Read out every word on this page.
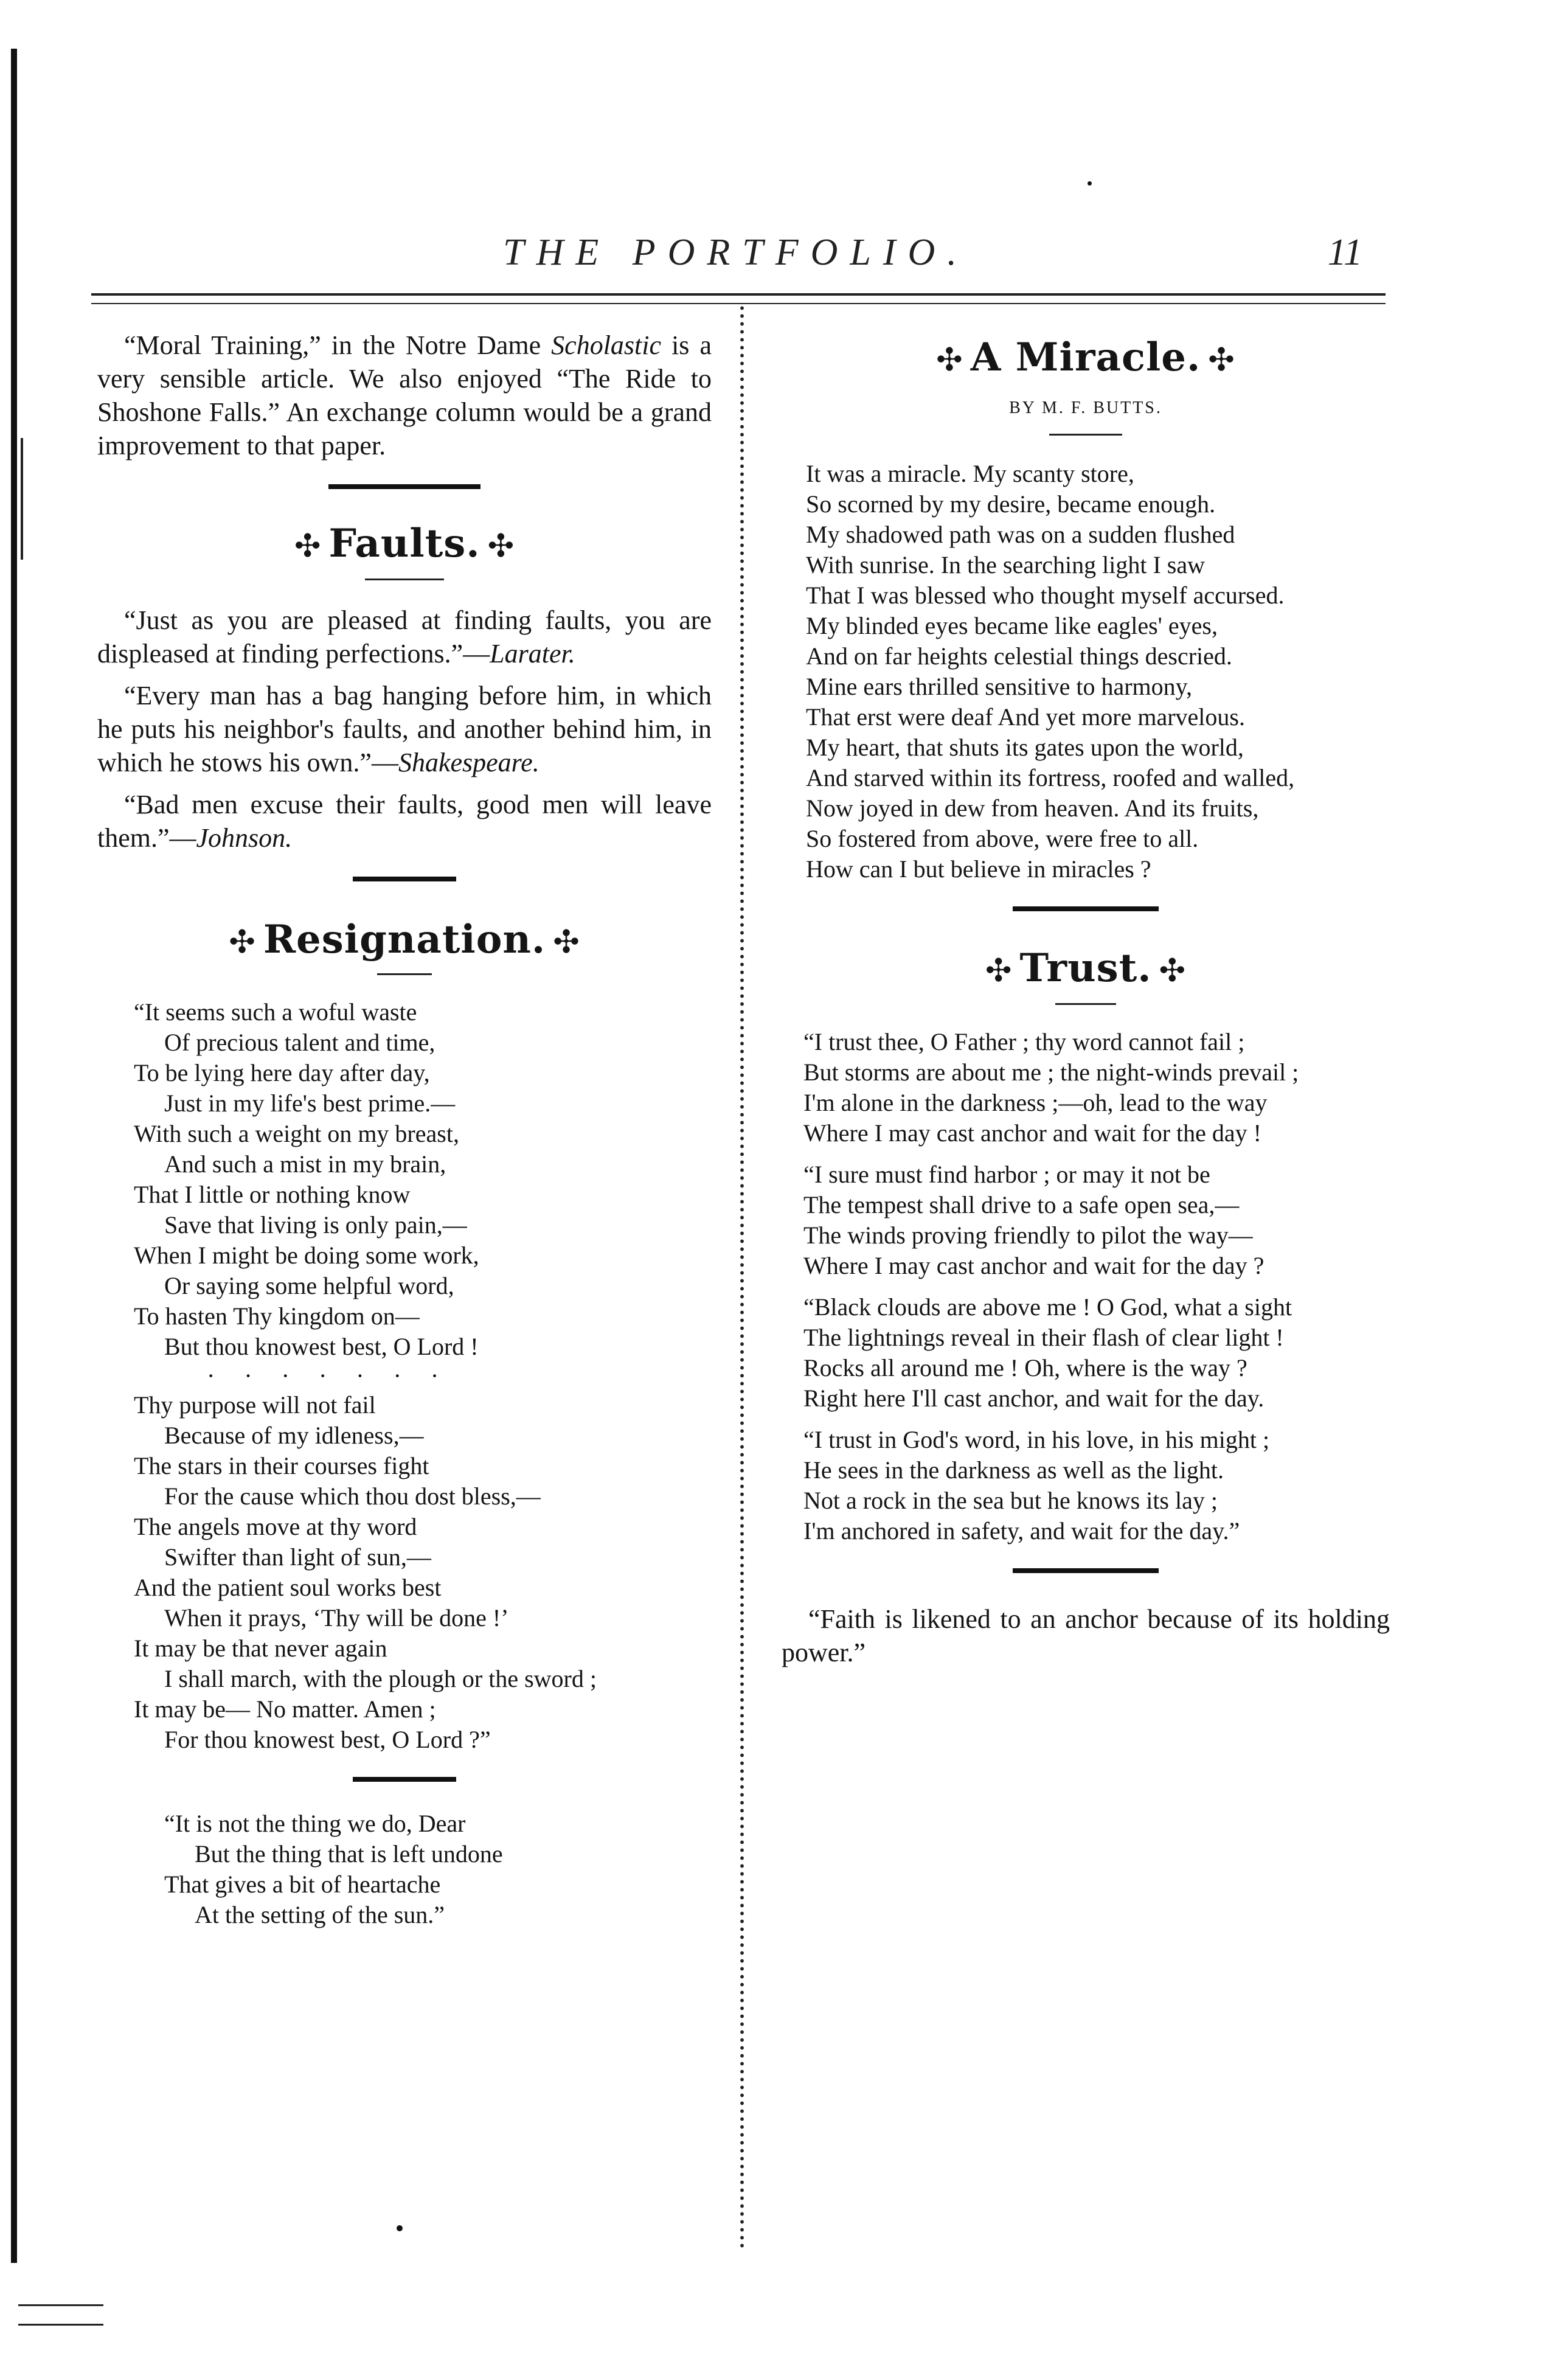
THE PORTFOLIO.	11

“Moral Training,” in the Notre Dame Scholastic is a very sensible article. We also enjoyed “The Ride to Shoshone Falls.” An exchange column would be a grand improvement to that paper.

✣ Faults. ✣

“Just as you are pleased at finding faults, you are displeased at finding perfections.”—Larater.

“Every man has a bag hanging before him, in which he puts his neighbor's faults, and another behind him, in which he stows his own.”—Shakespeare.

“Bad men excuse their faults, good men will leave them.”—Johnson.

✣ Resignation. ✣
“It seems such a woful waste
Of precious talent and time,
To be lying here day after day,
Just in my life's best prime.—
With such a weight on my breast,
And such a mist in my brain,
That I little or nothing know
Save that living is only pain,—
When I might be doing some work,
Or saying some helpful word,
To hasten Thy kingdom on—
But thou knowest best, O Lord !
·······
Thy purpose will not fail
Because of my idleness,—
The stars in their courses fight
For the cause which thou dost bless,—
The angels move at thy word
Swifter than light of sun,—
And the patient soul works best
When it prays, ‘Thy will be done !’
It may be that never again
I shall march, with the plough or the sword ;
It may be— No matter. Amen ;
For thou knowest best, O Lord ?”
“It is not the thing we do, Dear
But the thing that is left undone
That gives a bit of heartache
At the setting of the sun.”
✣ A Miracle. ✣
BY M. F. BUTTS.
It was a miracle. My scanty store,
So scorned by my desire, became enough.
My shadowed path was on a sudden flushed
With sunrise. In the searching light I saw
That I was blessed who thought myself accursed.
My blinded eyes became like eagles' eyes,
And on far heights celestial things descried.
Mine ears thrilled sensitive to harmony,
That erst were deaf And yet more marvelous.
My heart, that shuts its gates upon the world,
And starved within its fortress, roofed and walled,
Now joyed in dew from heaven. And its fruits,
So fostered from above, were free to all.
How can I but believe in miracles ?
✣ Trust. ✣
“I trust thee, O Father ; thy word cannot fail ;
But storms are about me ; the night-winds prevail ;
I'm alone in the darkness ;—oh, lead to the way
Where I may cast anchor and wait for the day !
“I sure must find harbor ; or may it not be
The tempest shall drive to a safe open sea,—
The winds proving friendly to pilot the way—
Where I may cast anchor and wait for the day ?
“Black clouds are above me ! O God, what a sight
The lightnings reveal in their flash of clear light !
Rocks all around me ! Oh, where is the way ?
Right here I'll cast anchor, and wait for the day.
“I trust in God's word, in his love, in his might ;
He sees in the darkness as well as the light.
Not a rock in the sea but he knows its lay ;
I'm anchored in safety, and wait for the day.”

“Faith is likened to an anchor because of its holding power.”
